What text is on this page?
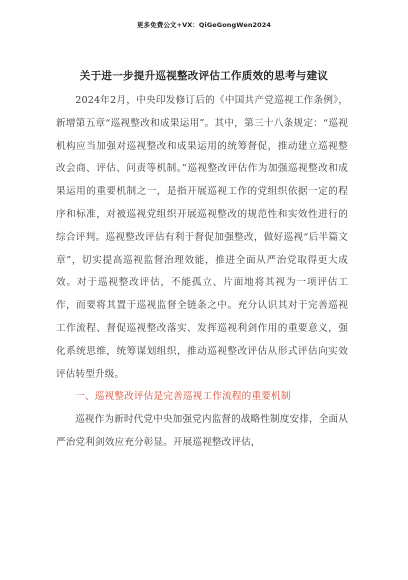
更多免费公文+VX：QiGeGongWen2024
关于进一步提升巡视整改评估工作质效的思考与建议

2024年2月，中央印发修订后的《中国共产党巡视工作条例》，新增第五章“巡视整改和成果运用”。其中，第三十八条规定：“巡视机构应当加强对巡视整改和成果运用的统筹督促，推动建立巡视整改会商、评估、问责等机制。”巡视整改评估作为加强巡视整改和成果运用的重要机制之一，是指开展巡视工作的党组织依据一定的程序和标准，对被巡视党组织开展巡视整改的规范性和实效性进行的综合评判。巡视整改评估有利于督促加强整改，做好巡视“后半篇文章”，切实提高巡视监督治理效能，推进全面从严治党取得更大成效。对于巡视整改评估，不能孤立、片面地将其视为一项评估工作，而要将其置于巡视监督全链条之中。充分认识其对于完善巡视工作流程、督促巡视整改落实、发挥巡视利剑作用的重要意义，强化系统思维，统筹谋划组织，推动巡视整改评估从形式评估向实效评估转型升级。

一、巡视整改评估是完善巡视工作流程的重要机制

巡视作为新时代党中央加强党内监督的战略性制度安排，全面从严治党利剑效应充分彰显。开展巡视整改评估，
